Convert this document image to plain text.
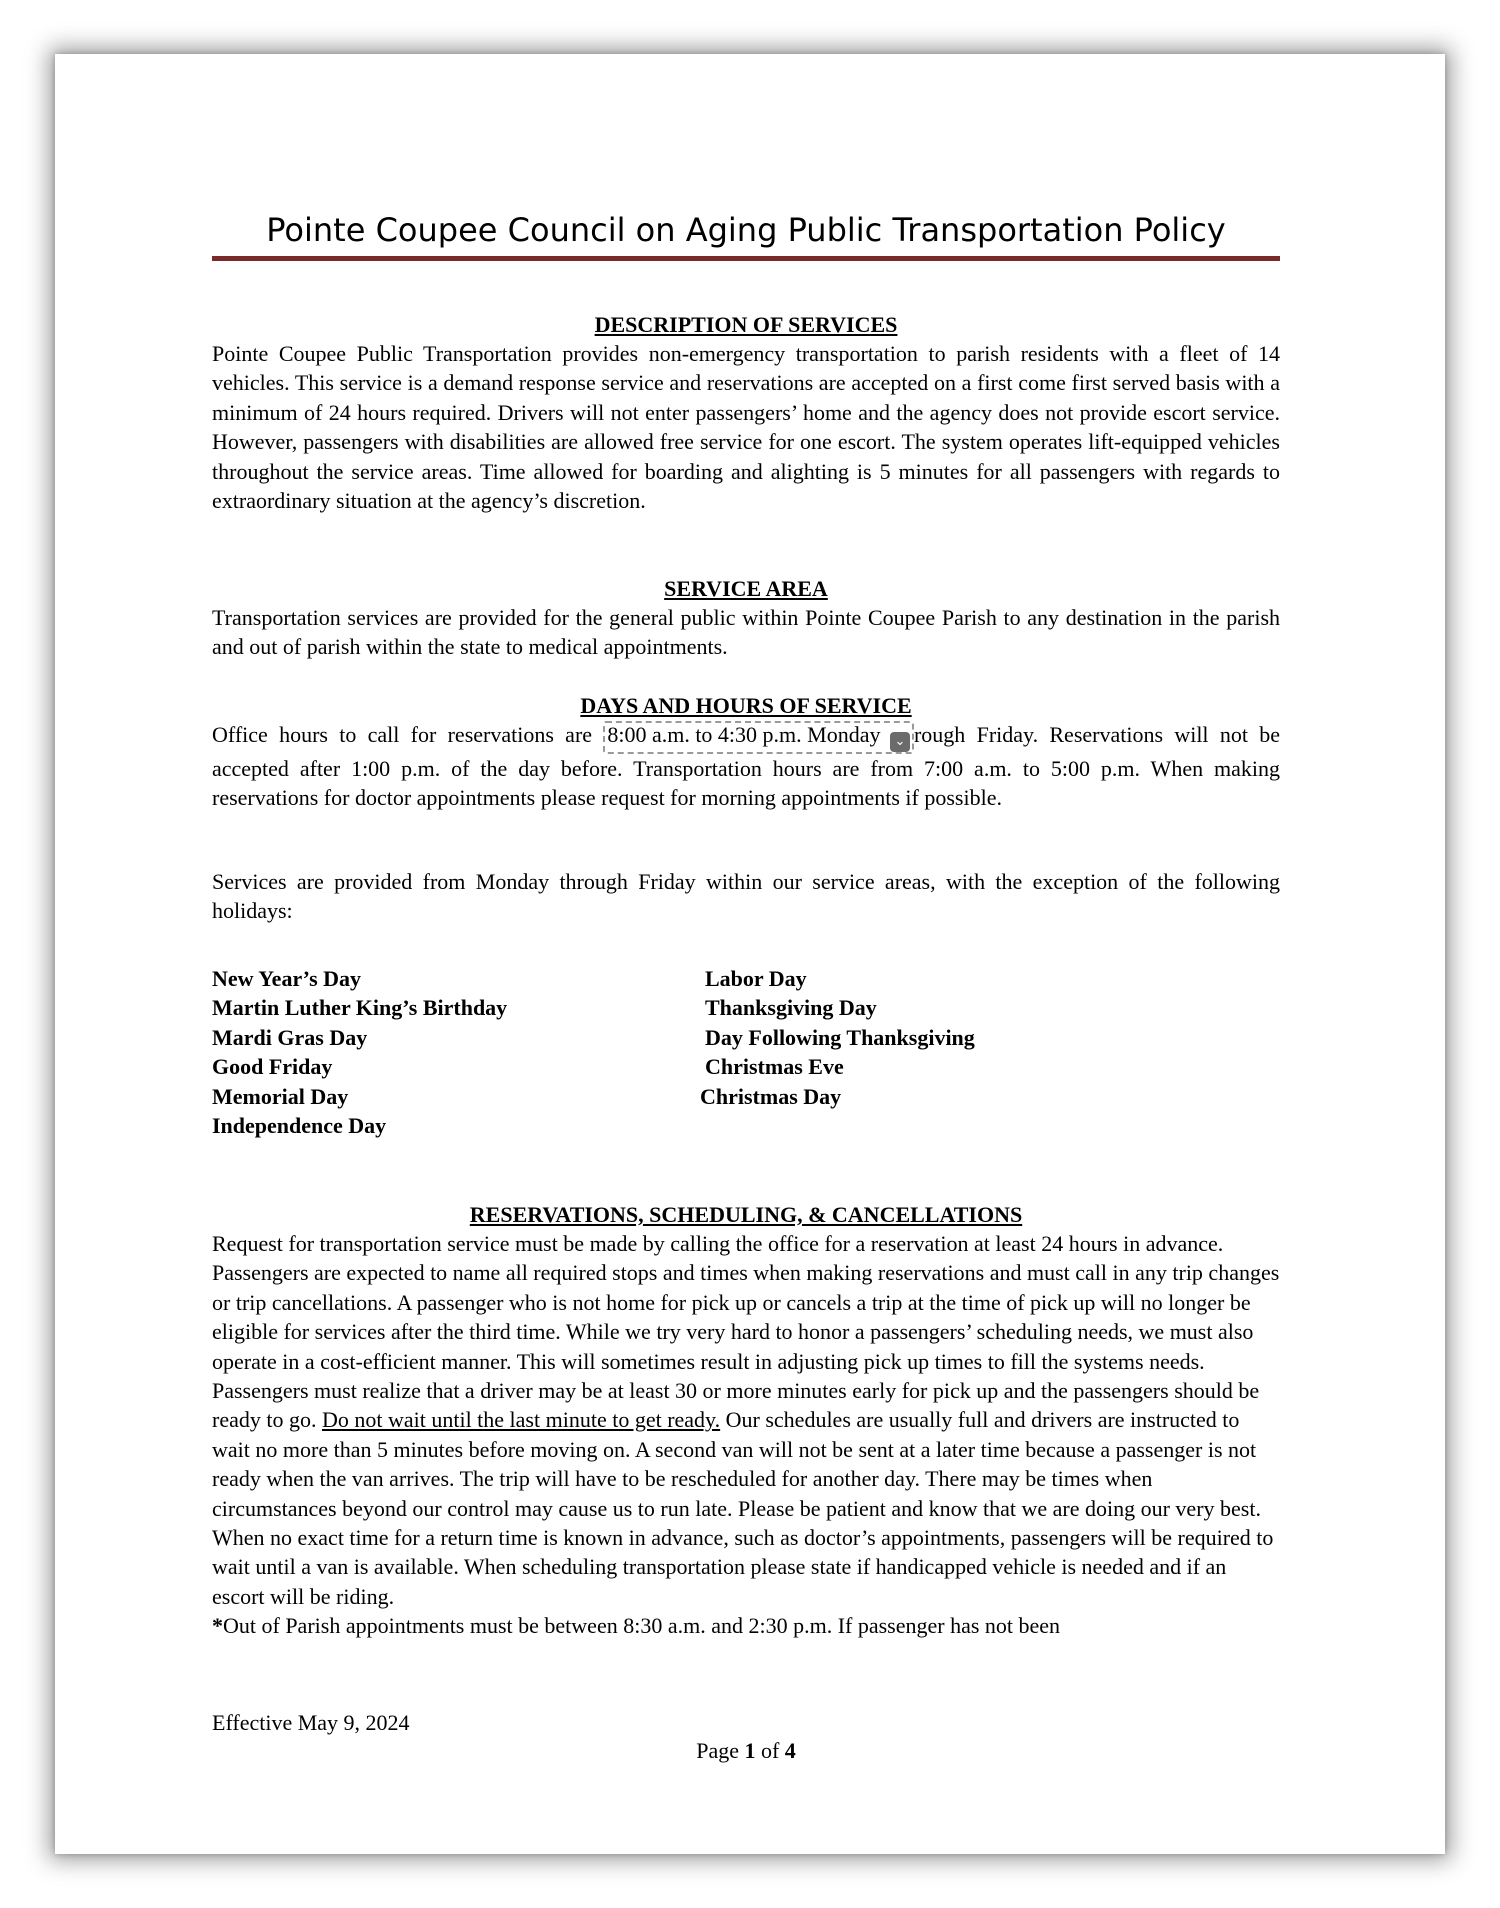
Pointe Coupee Council on Aging Public Transportation Policy
DESCRIPTION OF SERVICES

Pointe Coupee Public Transportation provides non-emergency transportation to parish residents with a fleet of 14 vehicles. This service is a demand response service and reservations are accepted on a first come first served basis with a minimum of 24 hours required. Drivers will not enter passengers’ home and the agency does not provide escort service. However, passengers with disabilities are allowed free service for one escort. The system operates lift-equipped vehicles throughout the service areas. Time allowed for boarding and alighting is 5 minutes for all passengers with regards to extraordinary situation at the agency’s discretion.

SERVICE AREA

Transportation services are provided for the general public within Pointe Coupee Parish to any destination in the parish and out of parish within the state to medical appointments.

DAYS AND HOURS OF SERVICE

Office hours to call for reservations are 8:00 a.m. to 4:30 p.m. Monday ⌄ rough Friday. Reservations will not be accepted after 1:00 p.m. of the day before. Transportation hours are from 7:00 a.m. to 5:00 p.m. When making reservations for doctor appointments please request for morning appointments if possible.

Services are provided from Monday through Friday within our service areas, with the exception of the following holidays:

New Year’s Day
Martin Luther King’s Birthday
Mardi Gras Day
Good Friday
Memorial Day
Independence Day
Labor Day
Thanksgiving Day
Day Following Thanksgiving
Christmas Eve
Christmas Day
RESERVATIONS, SCHEDULING, & CANCELLATIONS

Request for transportation service must be made by calling the office for a reservation at least 24 hours in advance. Passengers are expected to name all required stops and times when making reservations and must call in any trip changes or trip cancellations. A passenger who is not home for pick up or cancels a trip at the time of pick up will no longer be eligible for services after the third time. While we try very hard to honor a passengers’ scheduling needs, we must also operate in a cost-efficient manner. This will sometimes result in adjusting pick up times to fill the systems needs. Passengers must realize that a driver may be at least 30 or more minutes early for pick up and the passengers should be ready to go. Do not wait until the last minute to get ready. Our schedules are usually full and drivers are instructed to wait no more than 5 minutes before moving on. A second van will not be sent at a later time because a passenger is not ready when the van arrives. The trip will have to be rescheduled for another day. There may be times when circumstances beyond our control may cause us to run late. Please be patient and know that we are doing our very best. When no exact time for a return time is known in advance, such as doctor’s appointments, passengers will be required to wait until a van is available. When scheduling transportation please state if handicapped vehicle is needed and if an escort will be riding.
*Out of Parish appointments must be between 8:30 a.m. and 2:30 p.m. If passenger has not been

Effective May 9, 2024
Page 1 of 4
